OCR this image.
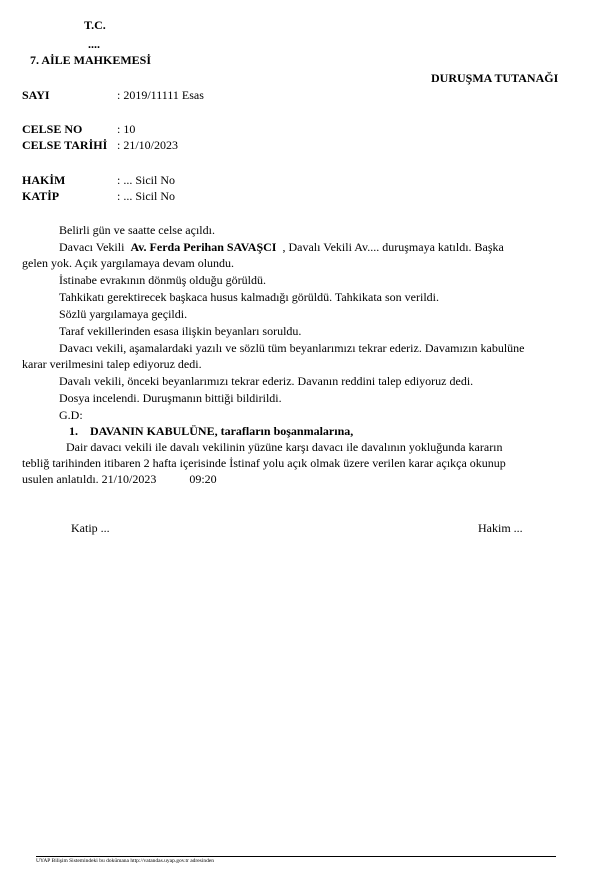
T.C.
....
7. AİLE MAHKEMESİ
DURUŞMA TUTANAĞI
SAYI	: 2019/11111 Esas
CELSE NO	: 10
CELSE TARİHİ : 21/10/2023
HAKİM	: ... Sicil No
KATİP	: ... Sicil No
Belirli gün ve saatte celse açıldı.
Davacı Vekili Av. Ferda Perihan SAVAŞCI , Davalı Vekili Av.... duruşmaya katıldı. Başka
gelen yok. Açık yargılamaya devam olundu.
İstinabe evrakının dönmüş olduğu görüldü.
Tahkikatı gerektirecek başkaca husus kalmadığı görüldü. Tahkikata son verildi.
Sözlü yargılamaya geçildi.
Taraf vekillerinden esasa ilişkin beyanları soruldu.
Davacı vekili, aşamalardaki yazılı ve sözlü tüm beyanlarımızı tekrar ederiz. Davamızın kabulüne
karar verilmesini talep ediyoruz dedi.
Davalı vekili, önceki beyanlarımızı tekrar ederiz. Davanın reddini talep ediyoruz dedi.
Dosya incelendi. Duruşmanın bittiği bildirildi.
G.D:
1. DAVANIN KABULÜNE, tarafların boşanmalarına,
Dair davacı vekili ile davalı vekilinin yüzüne karşı davacı ile davalının yokluğunda kararın
tebliğ tarihinden itibaren 2 hafta içerisinde İstinaf yolu açık olmak üzere verilen karar açıkça okunup
usulen anlatıldı. 21/10/2023	09:20
Katip ...	Hakim ...
UYAP Bilişim Sistemindeki bu dokümana http://vatandas.uyap.gov.tr adresinden
